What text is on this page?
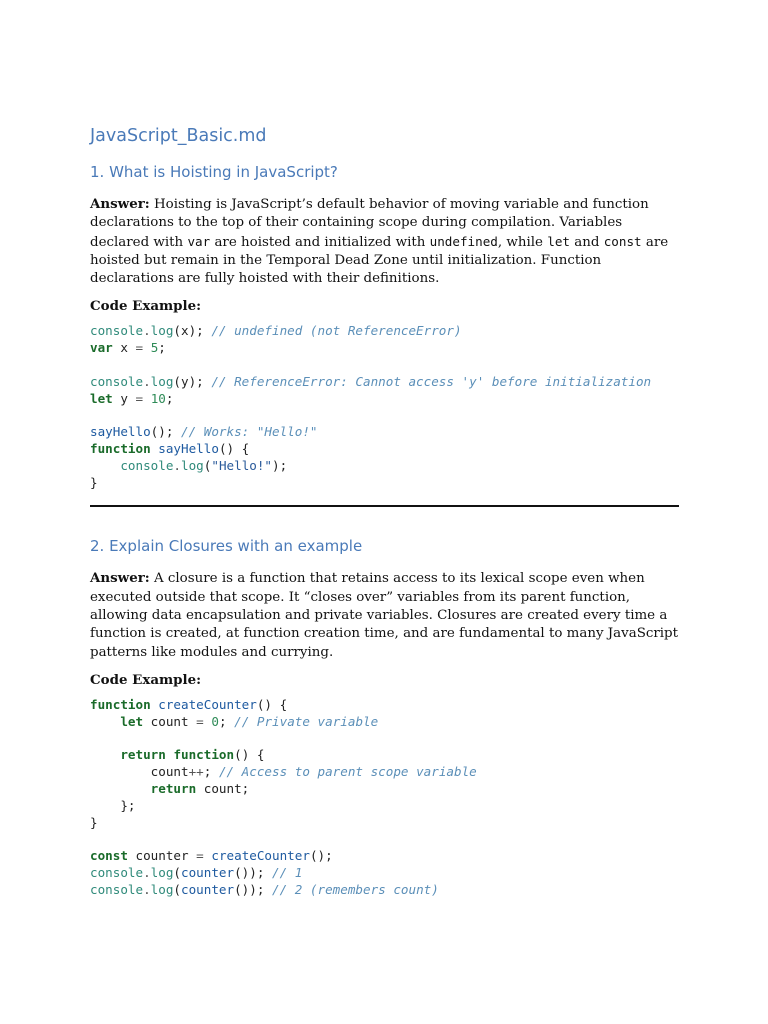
JavaScript_Basic.md
1. What is Hoisting in JavaScript?

Answer: Hoisting is JavaScript’s default behavior of moving variable and function declarations to the top of their containing scope during compilation. Variables declared with var are hoisted and initialized with undefined, while let and const are hoisted but remain in the Temporal Dead Zone until initialization. Function declarations are fully hoisted with their definitions.

Code Example:

console.log(x); // undefined (not ReferenceError)
var x = 5;

console.log(y); // ReferenceError: Cannot access 'y' before initialization
let y = 10;

sayHello(); // Works: "Hello!"
function sayHello() {
console.log("Hello!");
}
2. Explain Closures with an example

Answer: A closure is a function that retains access to its lexical scope even when executed outside that scope. It “closes over” variables from its parent function, allowing data encapsulation and private variables. Closures are created every time a function is created, at function creation time, and are fundamental to many JavaScript patterns like modules and currying.

Code Example:

function createCounter() {
let count = 0; // Private variable

return function() {
count++; // Access to parent scope variable
return count;
};
}

const counter = createCounter();
console.log(counter()); // 1
console.log(counter()); // 2 (remembers count)
